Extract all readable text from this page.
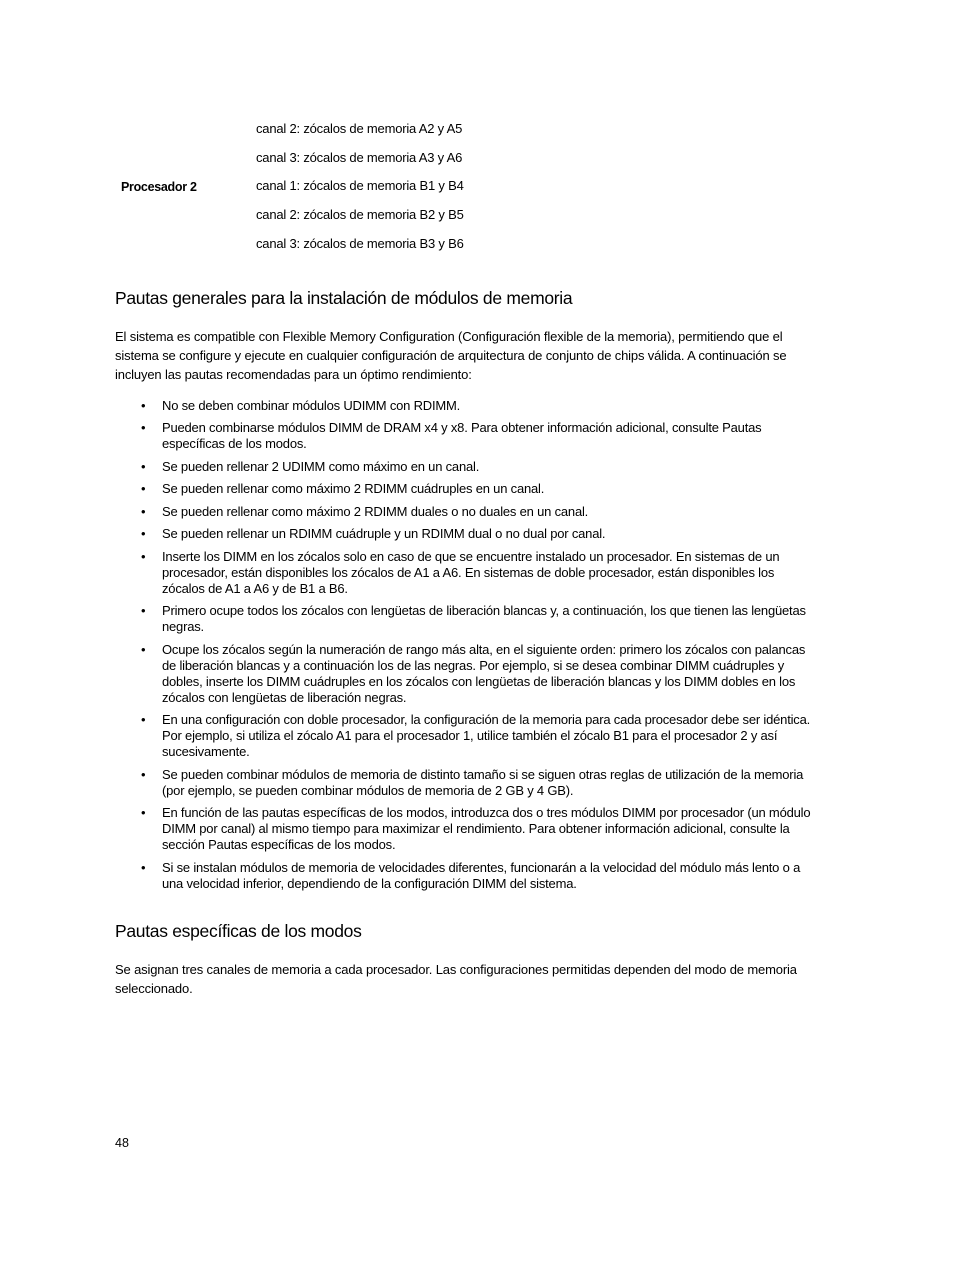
canal 2: zócalos de memoria A2 y A5
canal 3: zócalos de memoria A3 y A6
Procesador 2	canal 1: zócalos de memoria B1 y B4
canal 2: zócalos de memoria B2 y B5
canal 3: zócalos de memoria B3 y B6
Pautas generales para la instalación de módulos de memoria

El sistema es compatible con Flexible Memory Configuration (Configuración flexible de la memoria), permitiendo que el sistema se configure y ejecute en cualquier configuración de arquitectura de conjunto de chips válida. A continuación se incluyen las pautas recomendadas para un óptimo rendimiento:

•	No se deben combinar módulos UDIMM con RDIMM.
•	Pueden combinarse módulos DIMM de DRAM x4 y x8. Para obtener información adicional, consulte Pautas específicas de los modos.
•	Se pueden rellenar 2 UDIMM como máximo en un canal.
•	Se pueden rellenar como máximo 2 RDIMM cuádruples en un canal.
•	Se pueden rellenar como máximo 2 RDIMM duales o no duales en un canal.
•	Se pueden rellenar un RDIMM cuádruple y un RDIMM dual o no dual por canal.
•	Inserte los DIMM en los zócalos solo en caso de que se encuentre instalado un procesador. En sistemas de un procesador, están disponibles los zócalos de A1 a A6. En sistemas de doble procesador, están disponibles los zócalos de A1 a A6 y de B1 a B6.
•	Primero ocupe todos los zócalos con lengüetas de liberación blancas y, a continuación, los que tienen las lengüetas negras.
•	Ocupe los zócalos según la numeración de rango más alta, en el siguiente orden: primero los zócalos con palancas de liberación blancas y a continuación los de las negras. Por ejemplo, si se desea combinar DIMM cuádruples y dobles, inserte los DIMM cuádruples en los zócalos con lengüetas de liberación blancas y los DIMM dobles en los zócalos con lengüetas de liberación negras.
•	En una configuración con doble procesador, la configuración de la memoria para cada procesador debe ser idéntica. Por ejemplo, si utiliza el zócalo A1 para el procesador 1, utilice también el zócalo B1 para el procesador 2 y así sucesivamente.
•	Se pueden combinar módulos de memoria de distinto tamaño si se siguen otras reglas de utilización de la memoria (por ejemplo, se pueden combinar módulos de memoria de 2 GB y 4 GB).
•	En función de las pautas específicas de los modos, introduzca dos o tres módulos DIMM por procesador (un módulo DIMM por canal) al mismo tiempo para maximizar el rendimiento. Para obtener información adicional, consulte la sección Pautas específicas de los modos.
•	Si se instalan módulos de memoria de velocidades diferentes, funcionarán a la velocidad del módulo más lento o a una velocidad inferior, dependiendo de la configuración DIMM del sistema.
Pautas específicas de los modos

Se asignan tres canales de memoria a cada procesador. Las configuraciones permitidas dependen del modo de memoria seleccionado.

48
